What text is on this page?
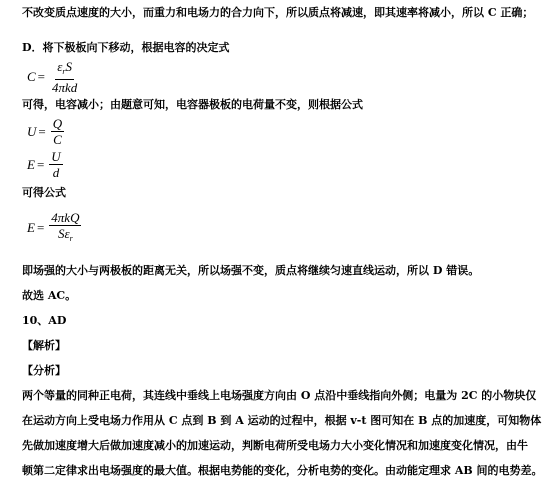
不改变质点速度的大小，而重力和电场力的合力向下，所以质点将减速，即其速率将减小，所以 C 正确；
D．将下极板向下移动，根据电容的决定式
$C = \frac{\varepsilon_rS}{\text{4πkd}}$
可得，电容减小；由题意可知，电容器极板的电荷量不变，则根据公式
$U = \frac{Q}{C}$
$E = \frac{U}{d}$
可得公式
$E = \frac{\text{4πkQ}}{S\varepsilon_r}$
即场强的大小与两极板的距离无关，所以场强不变，质点将继续匀速直线运动，所以 D 错误。
故选 AC。
10、AD
【解析】
【分析】
两个等量的同种正电荷，其连线中垂线上电场强度方向由 O 点沿中垂线指向外侧；电量为 2C 的小物块仅
在运动方向上受电场力作用从 C 点到 B 到 A 运动的过程中，根据 v-t 图可知在 B 点的加速度，可知物体
先做加速度增大后做加速度减小的加速运动，判断电荷所受电场力大小变化情况和加速度变化情况，由牛
顿第二定律求出电场强度的最大值。根据电势能的变化，分析电势的变化。由动能定理求 AB 间的电势差。
